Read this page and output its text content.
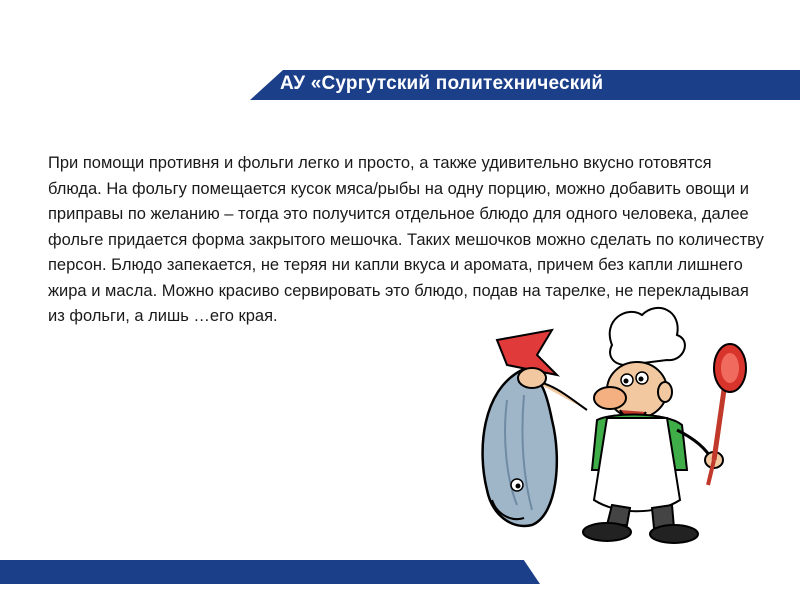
АУ «Сургутский политехнический

При помощи противня и фольги легко и просто, а также удивительно вкусно готовятся блюда. На фольгу помещается кусок мяса/рыбы на одну порцию, можно добавить овощи и приправы по желанию – тогда это получится отдельное блюдо для одного человека, далее фольге придается форма закрытого мешочка. Таких мешочков можно сделать по количеству персон. Блюдо запекается, не теряя ни капли вкуса и аромата, причем без капли лишнего жира и масла. Можно красиво сервировать это блюдо, подав на тарелке, не перекладывая из фольги, а лишь …его края.
